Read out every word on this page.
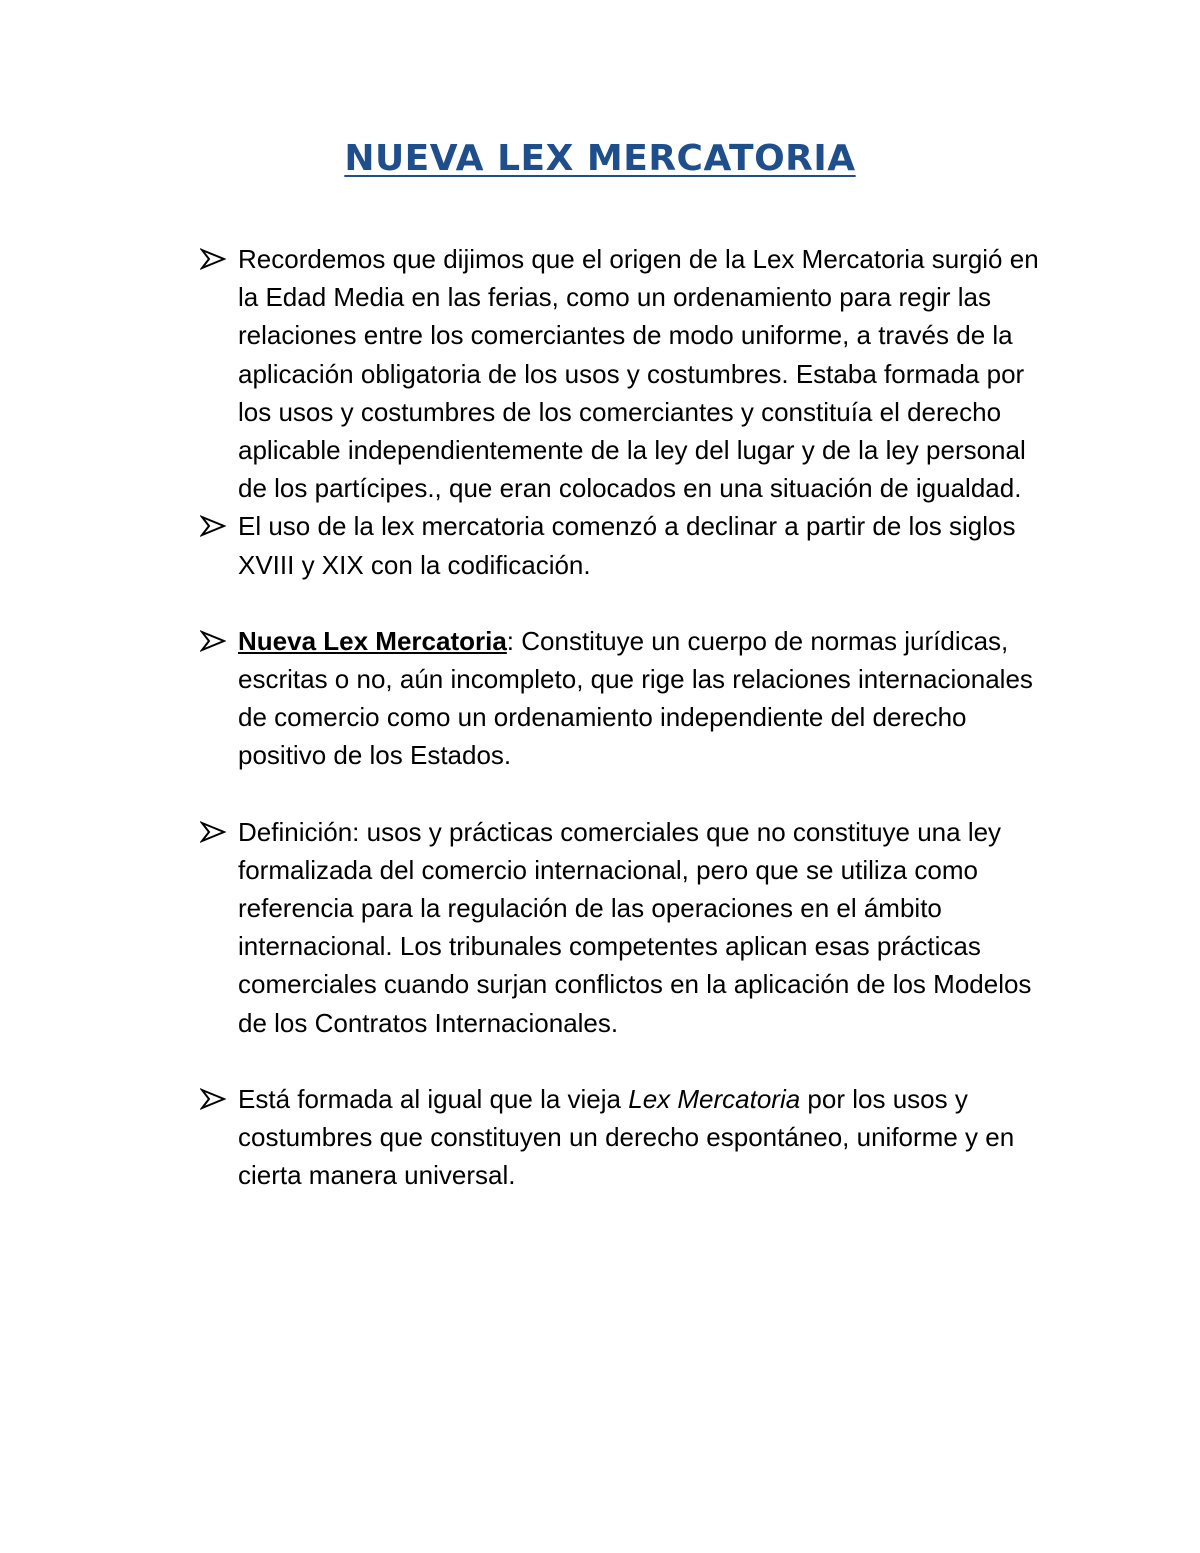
NUEVA LEX MERCATORIA
Recordemos que dijimos que el origen de la Lex Mercatoria surgió en la Edad Media en las ferias, como un ordenamiento para regir las relaciones entre los comerciantes de modo uniforme, a través de la aplicación obligatoria de los usos y costumbres. Estaba formada por los usos y costumbres de los comerciantes y constituía el derecho aplicable independientemente de la ley del lugar y de la ley personal de los partícipes., que eran colocados en una situación de igualdad.
El uso de la lex mercatoria comenzó a declinar a partir de los siglos XVIII y XIX con la codificación.
Nueva Lex Mercatoria: Constituye un cuerpo de normas jurídicas, escritas o no, aún incompleto, que rige las relaciones internacionales de comercio como un ordenamiento independiente del derecho positivo de los Estados.
Definición: usos y prácticas comerciales que no constituye una ley formalizada del comercio internacional, pero que se utiliza como referencia para la regulación de las operaciones en el ámbito internacional. Los tribunales competentes aplican esas prácticas comerciales cuando surjan conflictos en la aplicación de los Modelos de los Contratos Internacionales.
Está formada al igual que la vieja Lex Mercatoria por los usos y costumbres que constituyen un derecho espontáneo, uniforme y en cierta manera universal.
